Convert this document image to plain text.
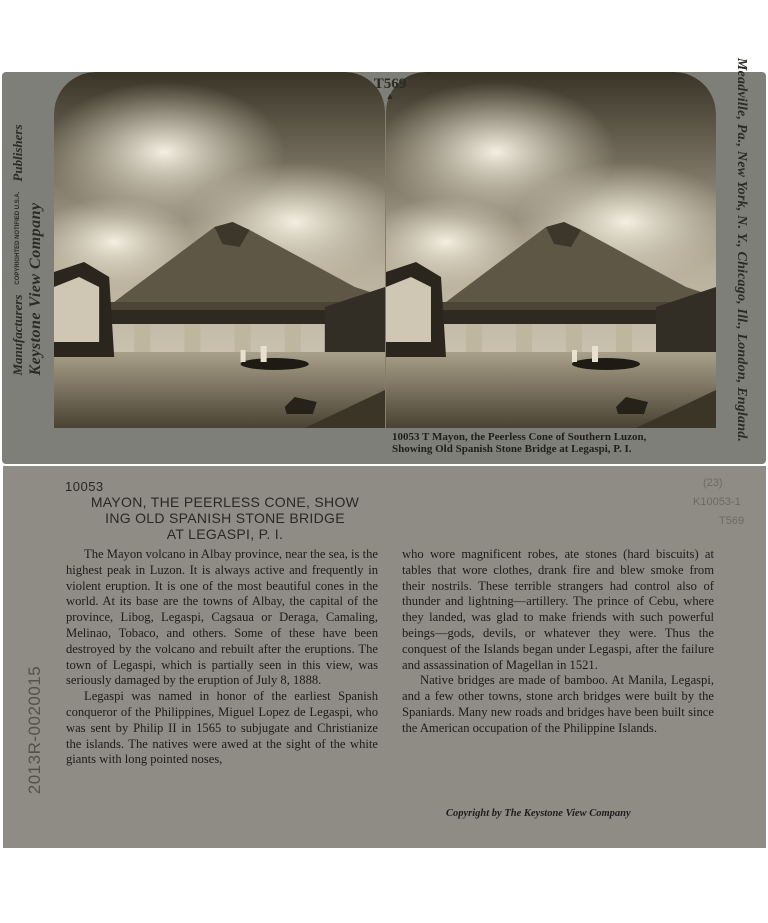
Manufacturers COPYRIGHTED NOTIFIED U.S.A. Publishers
Keystone View Company
T569
▲	Meadville, Pa., New York, N. Y., Chicago, Ill., London, England.
10053 T Mayon, the Peerless Cone of Southern Luzon,
Showing Old Spanish Stone Bridge at Legaspi, P. I.
10053
MAYON, THE PEERLESS CONE, SHOW
ING OLD SPANISH STONE BRIDGE
AT LEGASPI, P. I.

The Mayon volcano in Albay province, near the sea, is the highest peak in Luzon. It is always active and frequently in violent eruption. It is one of the most beautiful cones in the world. At its base are the towns of Albay, the capital of the province, Libog, Legaspi, Cagsaua or Deraga, Camaling, Melinao, Tobaco, and others. Some of these have been destroyed by the volcano and rebuilt after the eruptions. The town of Legaspi, which is partially seen in this view, was seriously damaged by the eruption of July 8, 1888.

Legaspi was named in honor of the earliest Spanish conqueror of the Philippines, Miguel Lopez de Legaspi, who was sent by Philip II in 1565 to subjugate and Christianize the islands. The natives were awed at the sight of the white giants with long pointed noses,

who wore magnificent robes, ate stones (hard biscuits) at tables that wore clothes, drank fire and blew smoke from their nostrils. These terrible strangers had control also of thunder and lightning—artillery. The prince of Cebu, where they landed, was glad to make friends with such powerful beings—gods, devils, or whatever they were. Thus the conquest of the Islands began under Legaspi, after the failure and assassination of Magellan in 1521.

Native bridges are made of bamboo. At Manila, Legaspi, and a few other towns, stone arch bridges were built by the Spaniards. Many new roads and bridges have been built since the American occupation of the Philippine Islands.

Copyright by The Keystone View Company
(23)
K10053-1
T569
2013R-0020015
